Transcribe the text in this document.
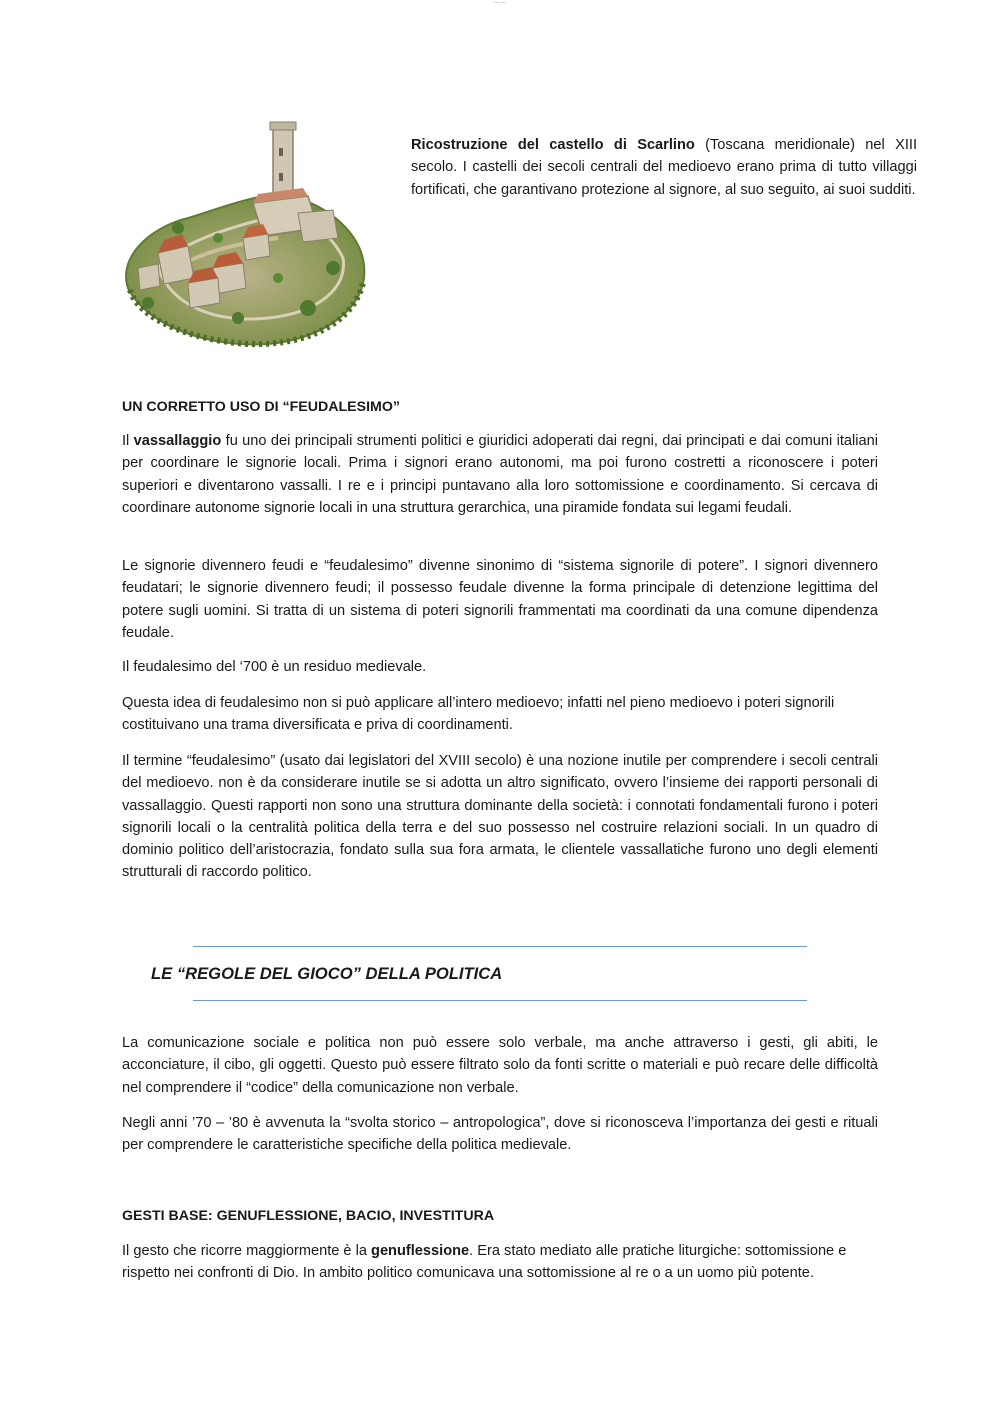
— —

Ricostruzione del castello di Scarlino (Toscana meridionale) nel XIII secolo. I castelli dei secoli centrali del medioevo erano prima di tutto villaggi fortificati, che garantivano protezione al signore, al suo seguito, ai suoi sudditi.

UN CORRETTO USO DI “FEUDALESIMO”

Il vassallaggio fu uno dei principali strumenti politici e giuridici adoperati dai regni, dai principati e dai comuni italiani per coordinare le signorie locali. Prima i signori erano autonomi, ma poi furono costretti a riconoscere i poteri superiori e diventarono vassalli. I re e i principi puntavano alla loro sottomissione e coordinamento. Si cercava di coordinare autonome signorie locali in una struttura gerarchica, una piramide fondata sui legami feudali.

Le signorie divennero feudi e “feudalesimo” divenne sinonimo di “sistema signorile di potere”. I signori divennero feudatari; le signorie divennero feudi; il possesso feudale divenne la forma principale di detenzione legittima del potere sugli uomini. Si tratta di un sistema di poteri signorili frammentati ma coordinati da una comune dipendenza feudale.

Il feudalesimo del ‘700 è un residuo medievale.

Questa idea di feudalesimo non si può applicare all’intero medioevo; infatti nel pieno medioevo i poteri signorili costituivano una trama diversificata e priva di coordinamenti.

Il termine “feudalesimo” (usato dai legislatori del XVIII secolo) è una nozione inutile per comprendere i secoli centrali del medioevo. non è da considerare inutile se si adotta un altro significato, ovvero l’insieme dei rapporti personali di vassallaggio. Questi rapporti non sono una struttura dominante della società: i connotati fondamentali furono i poteri signorili locali o la centralità politica della terra e del suo possesso nel costruire relazioni sociali. In un quadro di dominio politico dell’aristocrazia, fondato sulla sua fora armata, le clientele vassallatiche furono uno degli elementi strutturali di raccordo politico.

LE “REGOLE DEL GIOCO” DELLA POLITICA

La comunicazione sociale e politica non può essere solo verbale, ma anche attraverso i gesti, gli abiti, le acconciature, il cibo, gli oggetti. Questo può essere filtrato solo da fonti scritte o materiali e può recare delle difficoltà nel comprendere il “codice” della comunicazione non verbale.

Negli anni ’70 – ’80 è avvenuta la “svolta storico – antropologica”, dove si riconosceva l’importanza dei gesti e rituali per comprendere le caratteristiche specifiche della politica medievale.

GESTI BASE: GENUFLESSIONE, BACIO, INVESTITURA

Il gesto che ricorre maggiormente è la genuflessione. Era stato mediato alle pratiche liturgiche: sottomissione e rispetto nei confronti di Dio. In ambito politico comunicava una sottomissione al re o a un uomo più potente.
